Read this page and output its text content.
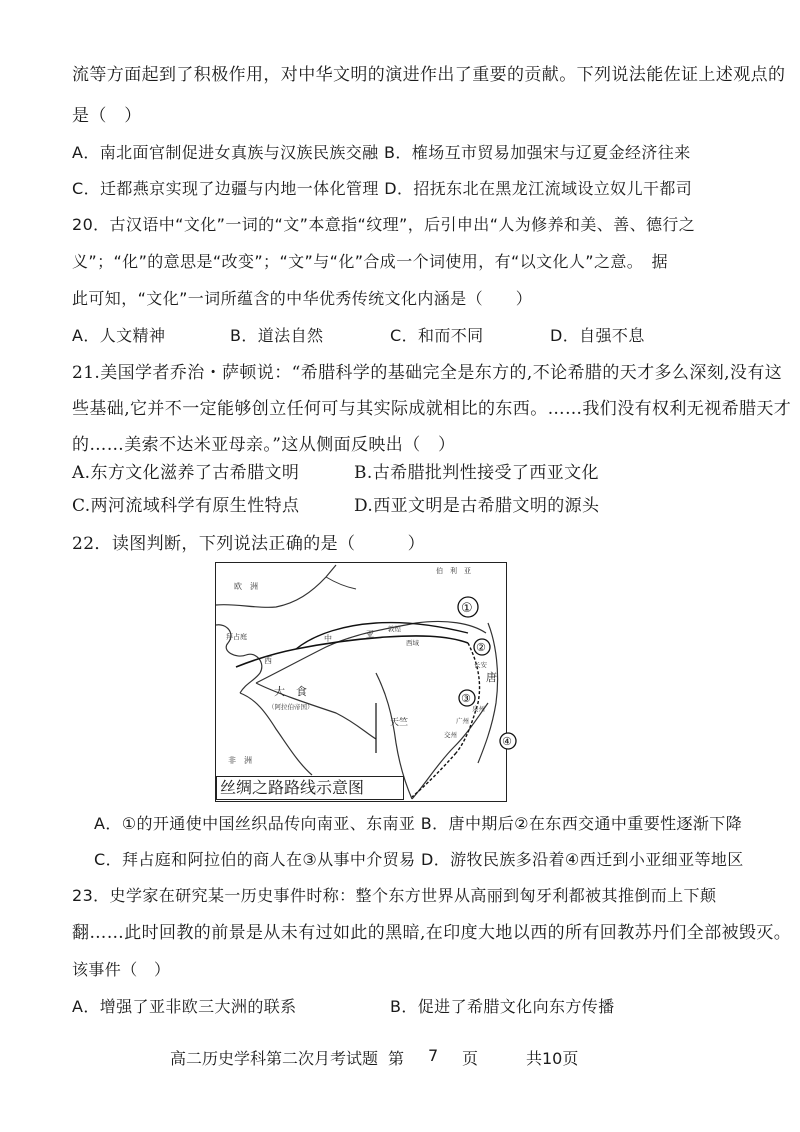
流等方面起到了积极作用，对中华文明的演进作出了重要的贡献。下列说法能佐证上述观点的
是（　）
A．南北面官制促进女真族与汉族民族交融 B．榷场互市贸易加强宋与辽夏金经济往来
C．迁都燕京实现了边疆与内地一体化管理 D．招抚东北在黑龙江流域设立奴儿干都司
20．古汉语中“文化”一词的“文”本意指“纹理”，后引申出“人为修养和美、善、德行之
义”；“化”的意思是“改变”；“文”与“化”合成一个词使用，有“以文化人”之意。　据
此可知，“文化”一词所蕴含的中华优秀传统文化内涵是（　　）
A．人文精神	B．道法自然	C．和而不同	D．自强不息
21.美国学者乔治・萨顿说：“希腊科学的基础完全是东方的,不论希腊的天才多么深刻,没有这
些基础,它并不一定能够创立任何可与其实际成就相比的东西。……我们没有权利无视希腊天才
的……美索不达米亚母亲。”这从侧面反映出（　）
A.东方文化滋养了古希腊文明	B.古希腊批判性接受了西亚文化
C.两河流域科学有原生性特点	D.西亚文明是古希腊文明的源头
22．读图判断，下列说法正确的是（　　　）
伯　利　亚
欧　洲
拜占庭
西
中	亚
大　食
（阿拉伯帝国）
天竺
唐
长安
广州
泉州
交州
非　洲
敦煌
西域
①
②
③
④
丝绸之路路线示意图
A．①的开通使中国丝织品传向南亚、东南亚 B．唐中期后②在东西交通中重要性逐渐下降
C．拜占庭和阿拉伯的商人在③从事中介贸易 D．游牧民族多沿着④西迁到小亚细亚等地区
23．史学家在研究某一历史事件时称：整个东方世界从高丽到匈牙利都被其推倒而上下颠
翻……此时回教的前景是从未有过如此的黑暗,在印度大地以西的所有回教苏丹们全部被毁灭。
该事件（　）
A．增强了亚非欧三大洲的联系	B．促进了希腊文化向东方传播
高二历史学科第二次月考试题 第 7 页	共10页
